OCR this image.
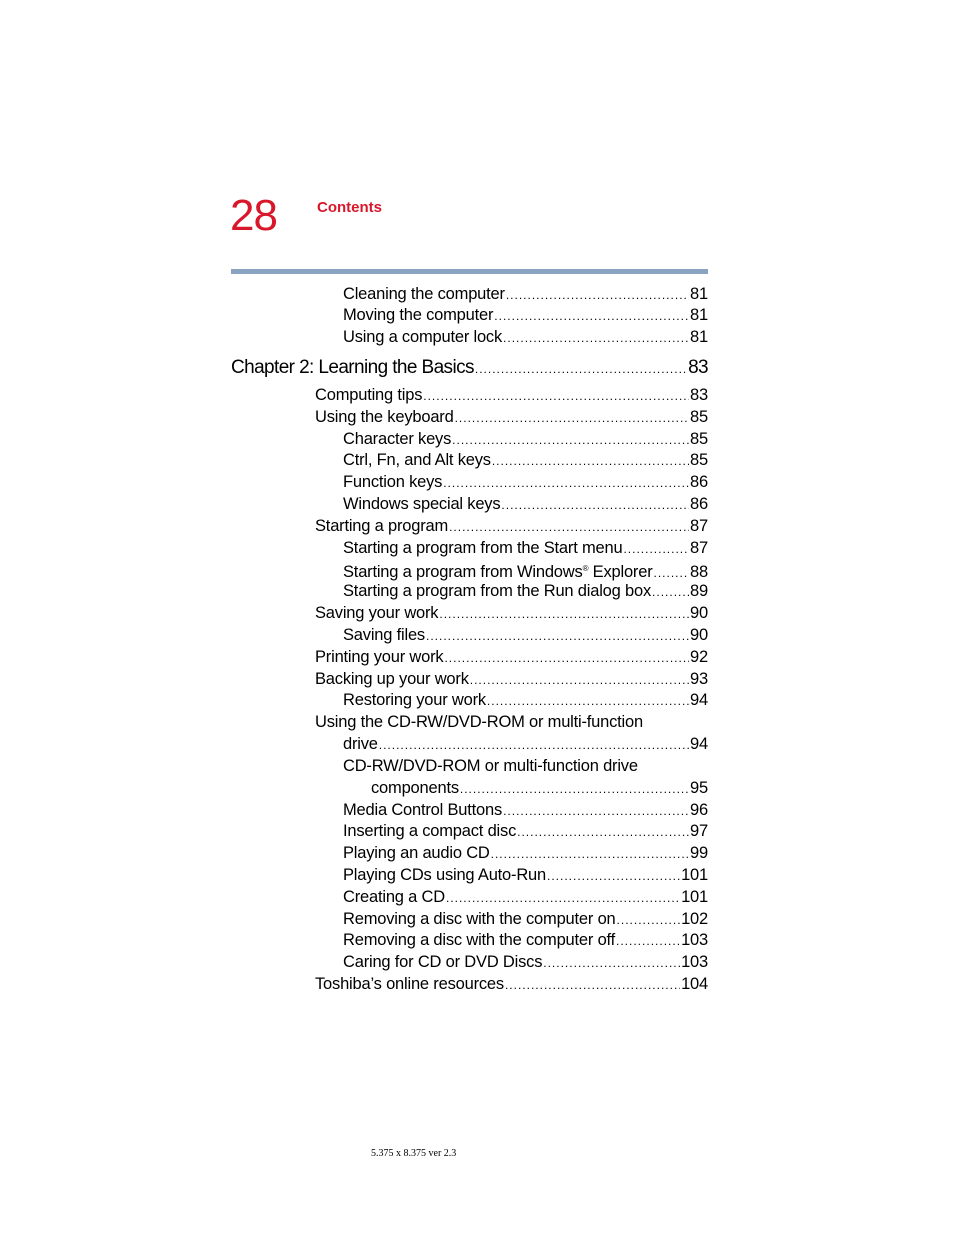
28	Contents
Cleaning the computer .....	81
Moving the computer .....	81
Using a computer lock .....	81
Chapter 2: Learning the Basics .....	83
Computing tips .....	83
Using the keyboard .....	85
Character keys .....	85
Ctrl, Fn, and Alt keys .....	85
Function keys .....	86
Windows special keys .....	86
Starting a program .....	87
Starting a program from the Start menu .....	87
Starting a program from Windows® Explorer ..... 88
Starting a program from the Run dialog box ..... 89
Saving your work .....	90
Saving files .....	90
Printing your work .....	92
Backing up your work .....	93
Restoring your work .....	94
Using the CD-RW/DVD-ROM or multi-function
drive .....	94
CD-RW/DVD-ROM or multi-function drive
components .....	95
Media Control Buttons .....	96
Inserting a compact disc .....	97
Playing an audio CD .....	99
Playing CDs using Auto-Run .....	101
Creating a CD .....	101
Removing a disc with the computer on .....	102
Removing a disc with the computer off .....	103
Caring for CD or DVD Discs .....	103
Toshiba’s online resources .....	104
5.375 x 8.375 ver 2.3
